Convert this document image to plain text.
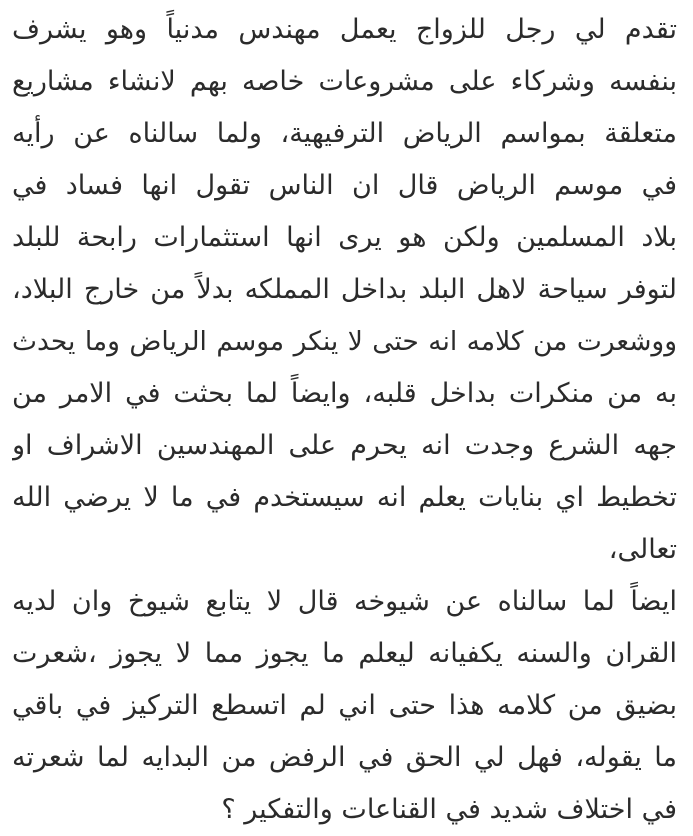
تقدم لي رجل للزواج يعمل مهندس مدنياً وهو يشرف
بنفسه وشركاء على مشروعات خاصه بهم لانشاء مشاريع
متعلقة بمواسم الرياض الترفيهية، ولما سالناه عن رأيه
في موسم الرياض قال ان الناس تقول انها فساد في
بلاد المسلمين ولكن هو يرى انها استثمارات رابحة للبلد
لتوفر سياحة لاهل البلد بداخل المملكه بدلاً من خارج البلاد،
ووشعرت من كلامه انه حتى لا ينكر موسم الرياض وما يحدث
به من منكرات بداخل قلبه، وايضاً لما بحثت في الامر من
جهه الشرع وجدت انه يحرم على المهندسين الاشراف او
تخطيط اي بنايات يعلم انه سيستخدم في ما لا يرضي الله
تعالى،
ايضاً لما سالناه عن شيوخه قال لا يتابع شيوخ وان لديه
القران والسنه يكفيانه ليعلم ما يجوز مما لا يجوز ،شعرت
بضيق من كلامه هذا حتى اني لم اتسطع التركيز في باقي
ما يقوله، فهل لي الحق في الرفض من البدايه لما شعرته
في اختلاف شديد في القناعات والتفكير ؟
